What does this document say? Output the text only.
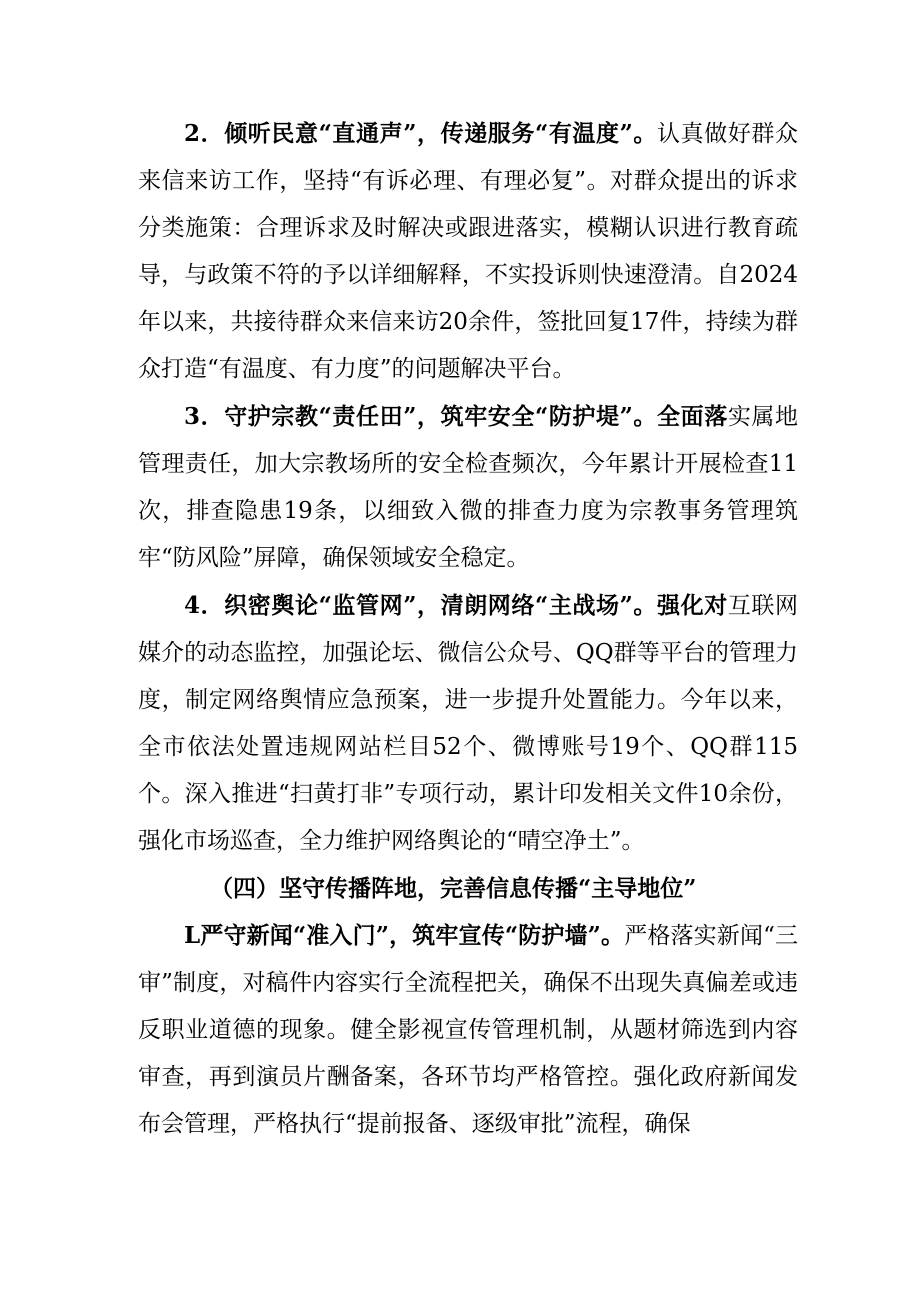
2．倾听民意“直通声”，传递服务“有温度”。认真做好群众来信来访工作，坚持“有诉必理、有理必复”。对群众提出的诉求分类施策：合理诉求及时解决或跟进落实，模糊认识进行教育疏导，与政策不符的予以详细解释，不实投诉则快速澄清。自2024年以来，共接待群众来信来访20余件，签批回复17件，持续为群众打造“有温度、有力度”的问题解决平台。

3．守护宗教“责任田”，筑牢安全“防护堤”。全面落实属地管理责任，加大宗教场所的安全检查频次，今年累计开展检查11次，排查隐患19条，以细致入微的排查力度为宗教事务管理筑牢“防风险”屏障，确保领域安全稳定。

4．织密舆论“监管网”，清朗网络“主战场”。强化对互联网媒介的动态监控，加强论坛、微信公众号、QQ群等平台的管理力度，制定网络舆情应急预案，进一步提升处置能力。今年以来，全市依法处置违规网站栏目52个、微博账号19个、QQ群115个。深入推进“扫黄打非”专项行动，累计印发相关文件10余份，强化市场巡查，全力维护网络舆论的“晴空净土”。

（四）坚守传播阵地，完善信息传播“主导地位”

L严守新闻“准入门”，筑牢宣传“防护墙”。严格落实新闻“三审”制度，对稿件内容实行全流程把关，确保不出现失真偏差或违反职业道德的现象。健全影视宣传管理机制，从题材筛选到内容审查，再到演员片酬备案，各环节均严格管控。强化政府新闻发布会管理，严格执行“提前报备、逐级审批”流程，确保
